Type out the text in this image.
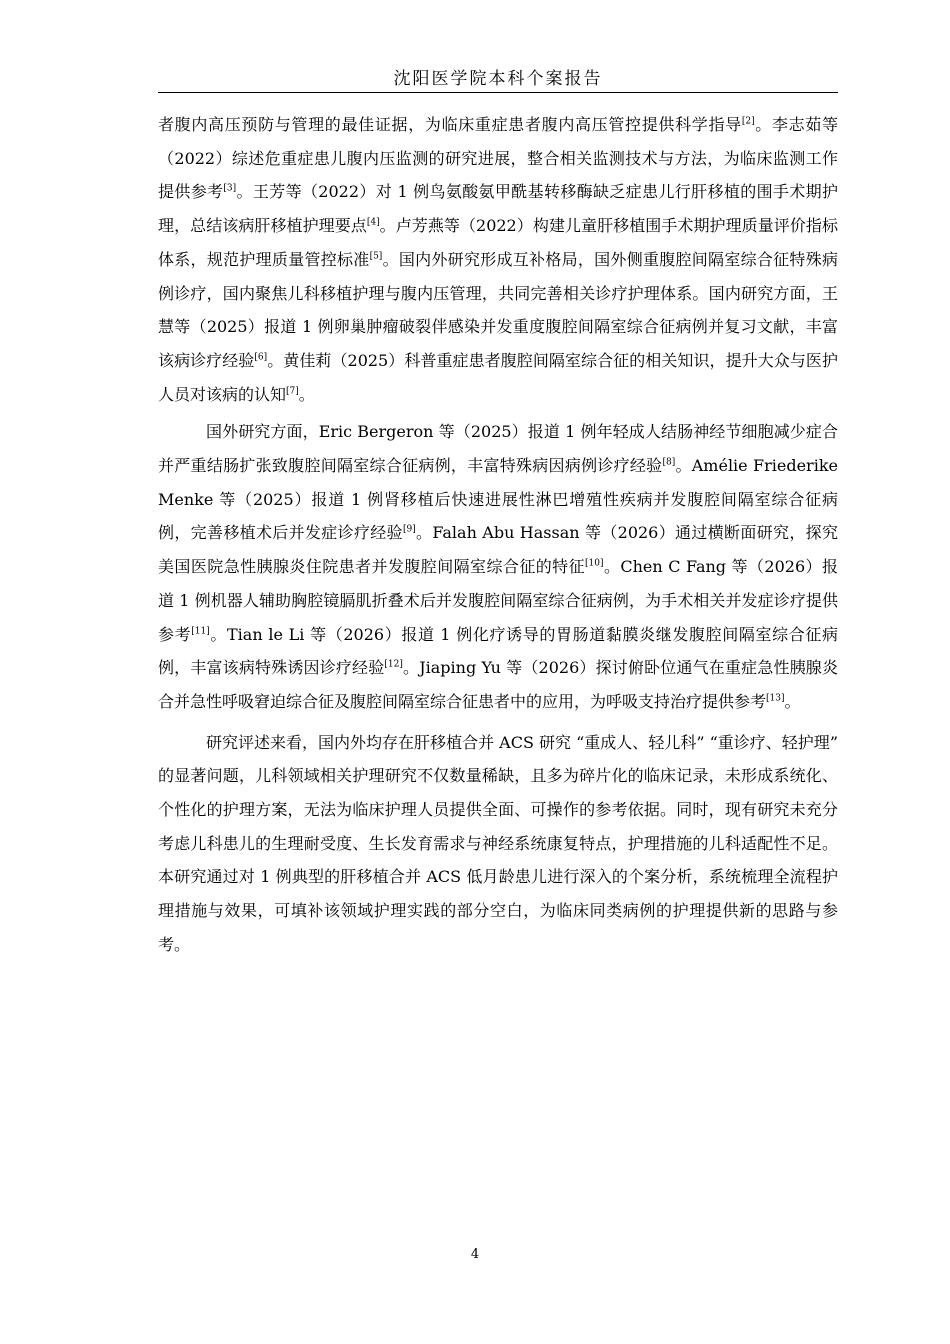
沈阳医学院本科个案报告

者腹内高压预防与管理的最佳证据，为临床重症患者腹内高压管控提供科学指导[2]。李志茹等（2022）综述危重症患儿腹内压监测的研究进展，整合相关监测技术与方法，为临床监测工作提供参考[3]。王芳等（2022）对 1 例鸟氨酸氨甲酰基转移酶缺乏症患儿行肝移植的围手术期护理，总结该病肝移植护理要点[4]。卢芳燕等（2022）构建儿童肝移植围手术期护理质量评价指标体系，规范护理质量管控标准[5]。国内外研究形成互补格局，国外侧重腹腔间隔室综合征特殊病例诊疗，国内聚焦儿科移植护理与腹内压管理，共同完善相关诊疗护理体系。国内研究方面，王慧等（2025）报道 1 例卵巢肿瘤破裂伴感染并发重度腹腔间隔室综合征病例并复习文献，丰富该病诊疗经验[6]。黄佳莉（2025）科普重症患者腹腔间隔室综合征的相关知识，提升大众与医护人员对该病的认知[7]。

国外研究方面，Eric Bergeron 等（2025）报道 1 例年轻成人结肠神经节细胞减少症合并严重结肠扩张致腹腔间隔室综合征病例，丰富特殊病因病例诊疗经验[8]。Amélie Friederike Menke 等（2025）报道 1 例肾移植后快速进展性淋巴增殖性疾病并发腹腔间隔室综合征病例，完善移植术后并发症诊疗经验[9]。Falah Abu Hassan 等（2026）通过横断面研究，探究美国医院急性胰腺炎住院患者并发腹腔间隔室综合征的特征[10]。Chen C Fang 等（2026）报道 1 例机器人辅助胸腔镜膈肌折叠术后并发腹腔间隔室综合征病例，为手术相关并发症诊疗提供参考[11]。Tian le Li 等（2026）报道 1 例化疗诱导的胃肠道黏膜炎继发腹腔间隔室综合征病例，丰富该病特殊诱因诊疗经验[12]。Jiaping Yu 等（2026）探讨俯卧位通气在重症急性胰腺炎合并急性呼吸窘迫综合征及腹腔间隔室综合征患者中的应用，为呼吸支持治疗提供参考[13]。

研究评述来看，国内外均存在肝移植合并 ACS 研究 “重成人、轻儿科” “重诊疗、轻护理” 的显著问题，儿科领域相关护理研究不仅数量稀缺，且多为碎片化的临床记录，未形成系统化、个性化的护理方案，无法为临床护理人员提供全面、可操作的参考依据。同时，现有研究未充分考虑儿科患儿的生理耐受度、生长发育需求与神经系统康复特点，护理措施的儿科适配性不足。本研究通过对 1 例典型的肝移植合并 ACS 低月龄患儿进行深入的个案分析，系统梳理全流程护理措施与效果，可填补该领域护理实践的部分空白，为临床同类病例的护理提供新的思路与参考。

4
